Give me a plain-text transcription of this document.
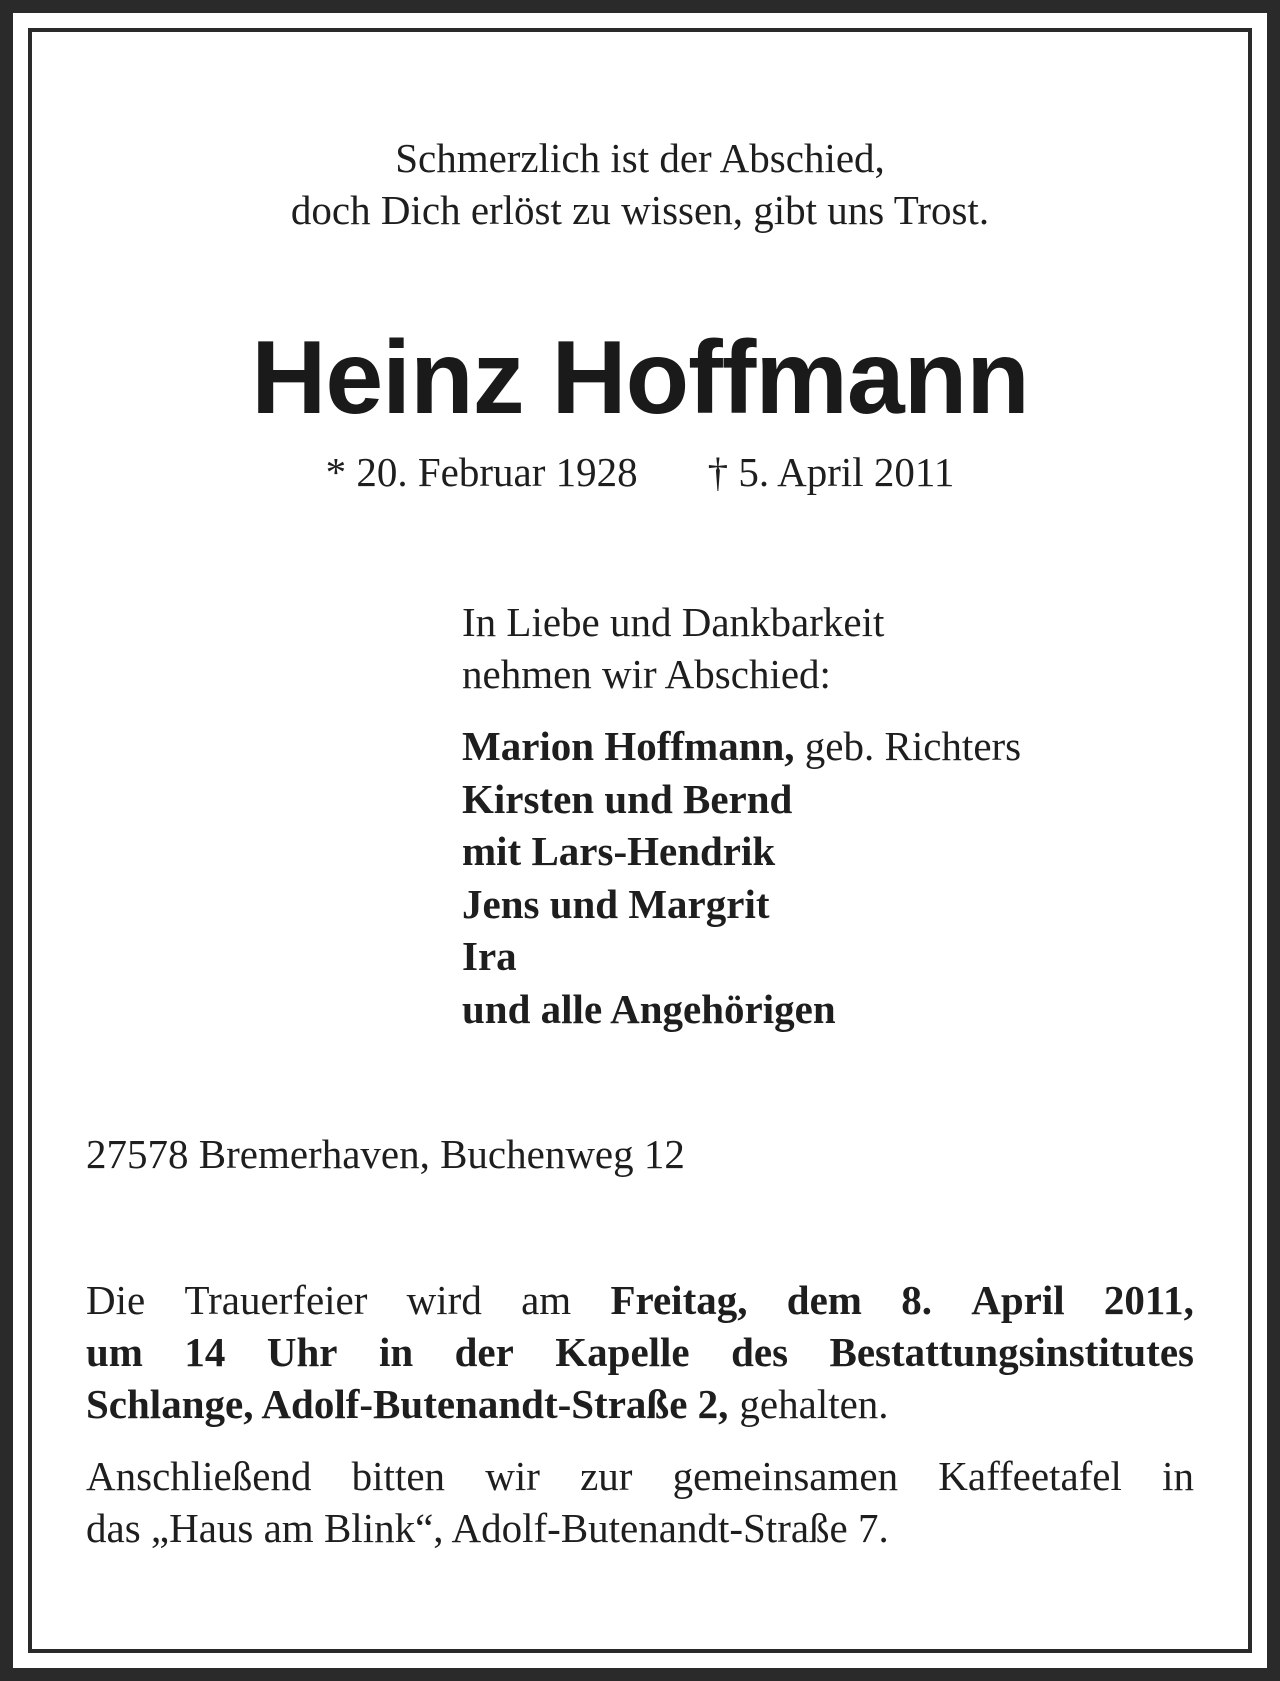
Schmerzlich ist der Abschied,
doch Dich erlöst zu wissen, gibt uns Trost.
Heinz Hoffmann
* 20. Februar 1928 † 5. April 2011
In Liebe und Dankbarkeit
nehmen wir Abschied:
Marion Hoffmann, geb. Richters
Kirsten und Bernd
mit Lars-Hendrik
Jens und Margrit
Ira
und alle Angehörigen
27578 Bremerhaven, Buchenweg 12
Die Trauerfeier wird am Freitag, dem 8. April 2011,
um 14 Uhr in der Kapelle des Bestattungsinstitutes
Schlange, Adolf-Butenandt-Straße 2, gehalten.
Anschließend bitten wir zur gemeinsamen Kaffeetafel in
das „Haus am Blink“, Adolf-Butenandt-Straße 7.
